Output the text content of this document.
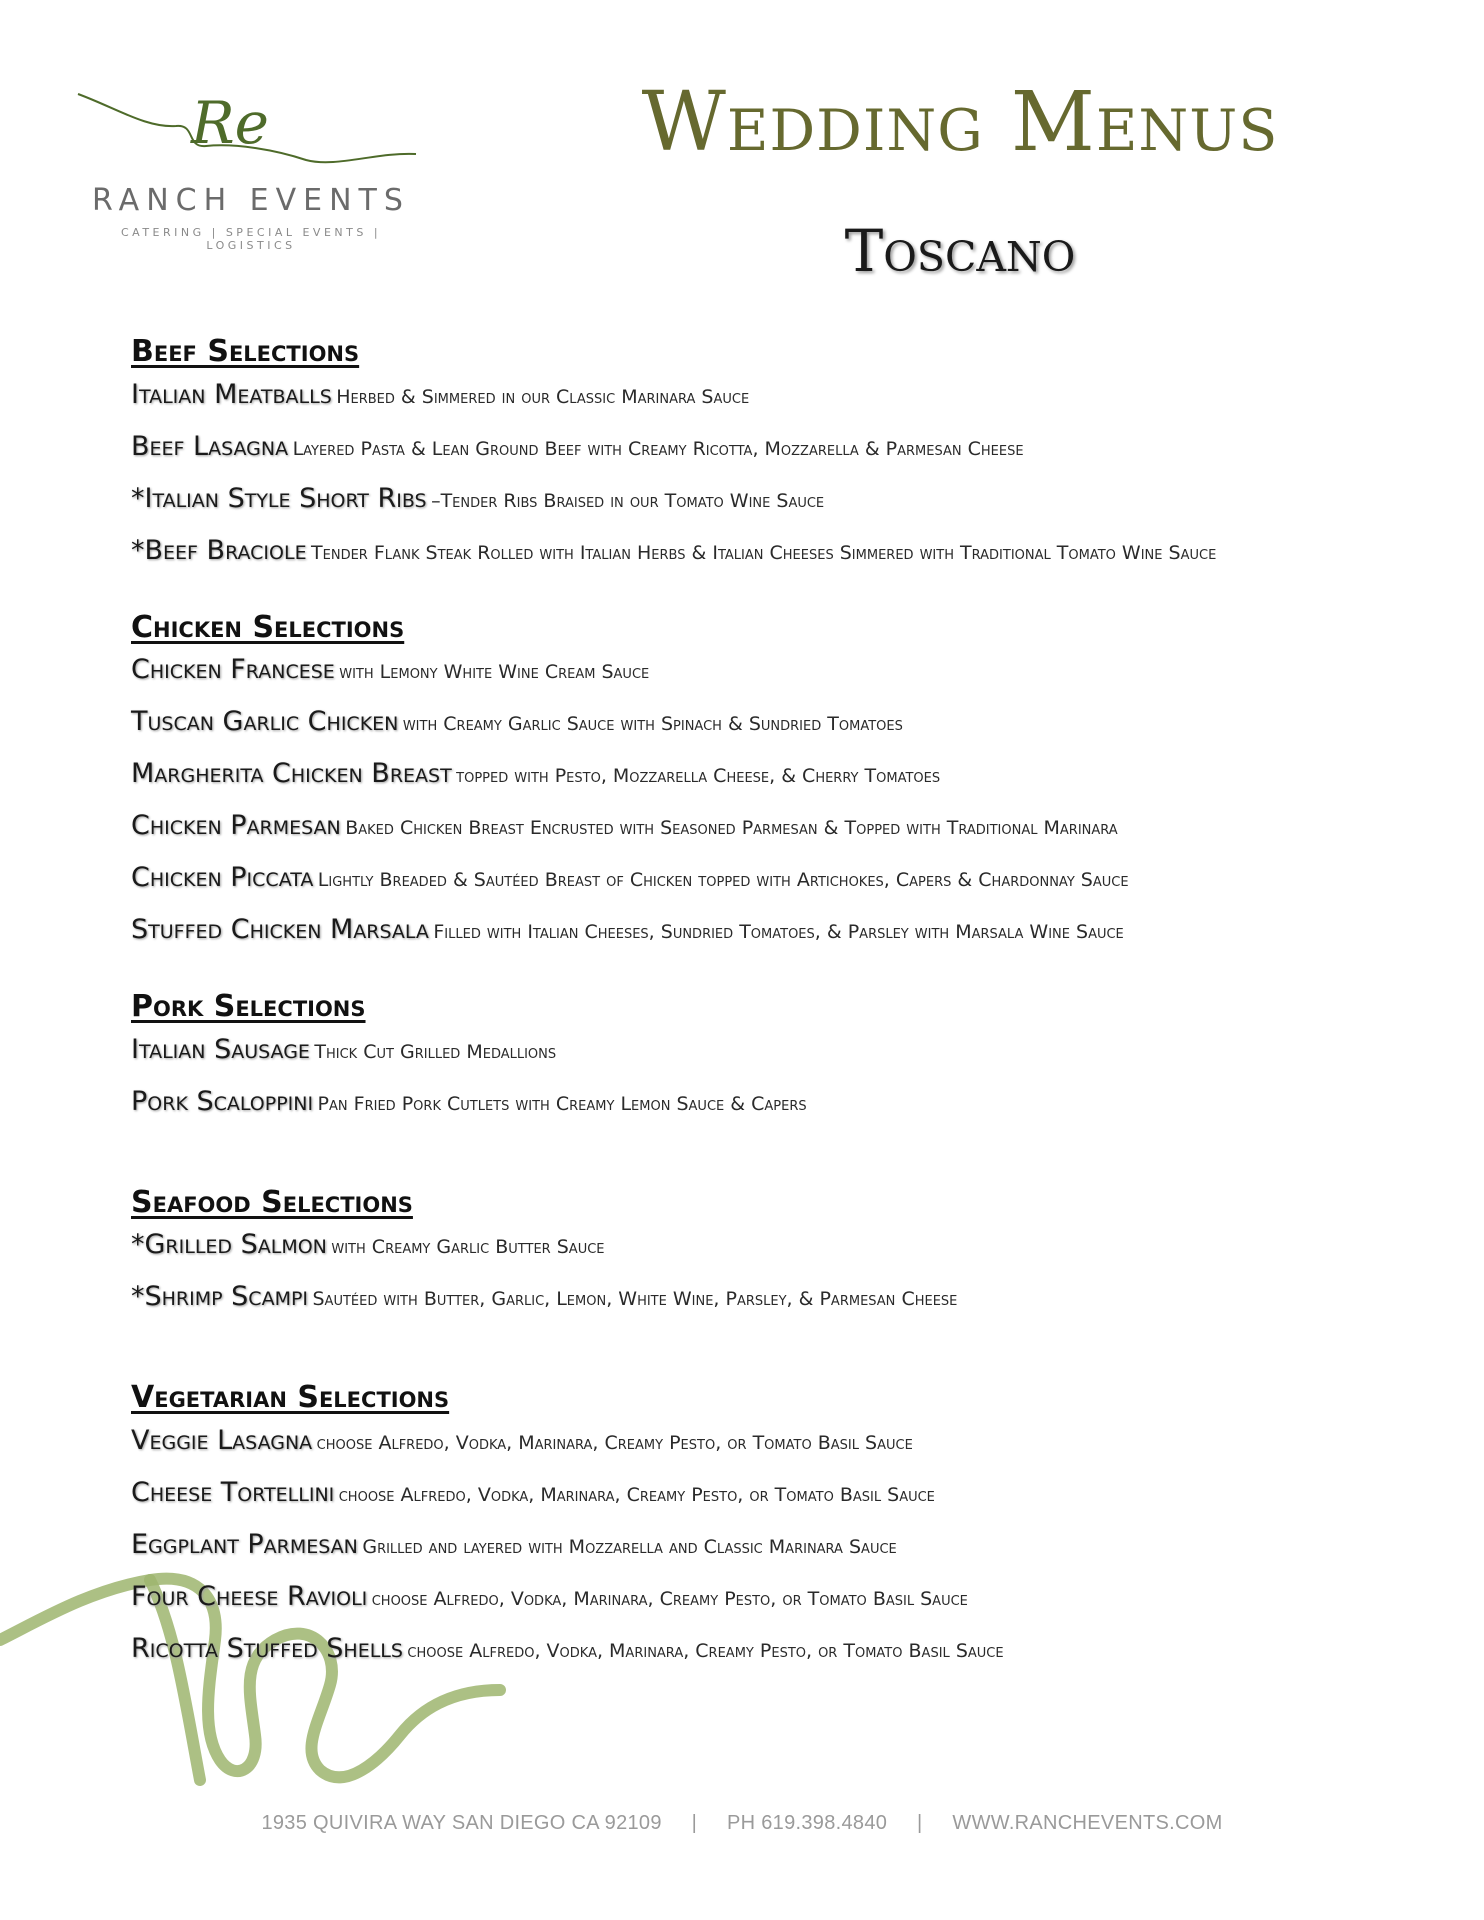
Re
RANCH EVENTS
CATERING | SPECIAL EVENTS | LOGISTICS
Wedding Menus
Toscano
Beef Selections
Italian Meatballs Herbed & Simmered in our Classic Marinara Sauce
Beef Lasagna Layered Pasta & Lean Ground Beef with Creamy Ricotta, Mozzarella & Parmesan Cheese
*Italian Style Short Ribs –Tender Ribs Braised in our Tomato Wine Sauce
*Beef Braciole Tender Flank Steak Rolled with Italian Herbs & Italian Cheeses Simmered with Traditional Tomato Wine Sauce
Chicken Selections
Chicken Francese with Lemony White Wine Cream Sauce
Tuscan Garlic Chicken with Creamy Garlic Sauce with Spinach & Sundried Tomatoes
Margherita Chicken Breast topped with Pesto, Mozzarella Cheese, & Cherry Tomatoes
Chicken Parmesan Baked Chicken Breast Encrusted with Seasoned Parmesan & Topped with Traditional Marinara
Chicken Piccata Lightly Breaded & Sautéed Breast of Chicken topped with Artichokes, Capers & Chardonnay Sauce
Stuffed Chicken Marsala Filled with Italian Cheeses, Sundried Tomatoes, & Parsley with Marsala Wine Sauce
Pork Selections
Italian Sausage Thick Cut Grilled Medallions
Pork Scaloppini Pan Fried Pork Cutlets with Creamy Lemon Sauce & Capers
Seafood Selections
*Grilled Salmon with Creamy Garlic Butter Sauce
*Shrimp Scampi Sautéed with Butter, Garlic, Lemon, White Wine, Parsley, & Parmesan Cheese
Vegetarian Selections
Veggie Lasagna choose Alfredo, Vodka, Marinara, Creamy Pesto, or Tomato Basil Sauce
Cheese Tortellini choose Alfredo, Vodka, Marinara, Creamy Pesto, or Tomato Basil Sauce
Eggplant Parmesan Grilled and layered with Mozzarella and Classic Marinara Sauce
Four Cheese Ravioli choose Alfredo, Vodka, Marinara, Creamy Pesto, or Tomato Basil Sauce
Ricotta Stuffed Shells choose Alfredo, Vodka, Marinara, Creamy Pesto, or Tomato Basil Sauce
1935 QUIVIRA WAY SAN DIEGO CA 92109 | PH 619.398.4840 | WWW.RANCHEVENTS.COM
